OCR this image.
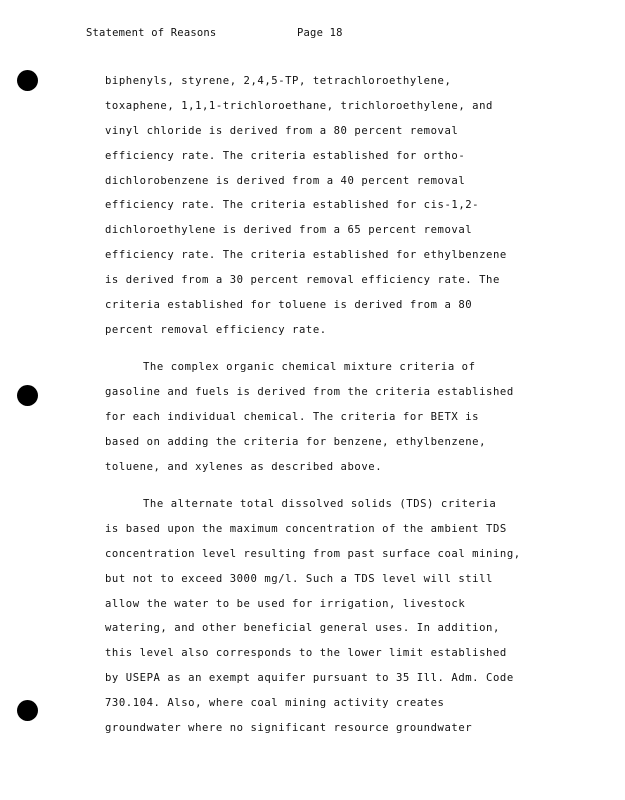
Statement of Reasons	Page 18
biphenyls, styrene, 2,4,5-TP, tetrachloroethylene,
toxaphene, 1,1,1-trichloroethane, trichloroethylene, and
vinyl chloride is derived from a 80 percent removal
efficiency rate. The criteria established for ortho-
dichlorobenzene is derived from a 40 percent removal
efficiency rate. The criteria established for cis-1,2-
dichloroethylene is derived from a 65 percent removal
efficiency rate. The criteria established for ethylbenzene
is derived from a 30 percent removal efficiency rate. The
criteria established for toluene is derived from a 80
percent removal efficiency rate.
The complex organic chemical mixture criteria of
gasoline and fuels is derived from the criteria established
for each individual chemical. The criteria for BETX is
based on adding the criteria for benzene, ethylbenzene,
toluene, and xylenes as described above.
The alternate total dissolved solids (TDS) criteria
is based upon the maximum concentration of the ambient TDS
concentration level resulting from past surface coal mining,
but not to exceed 3000 mg/l. Such a TDS level will still
allow the water to be used for irrigation, livestock
watering, and other beneficial general uses. In addition,
this level also corresponds to the lower limit established
by USEPA as an exempt aquifer pursuant to 35 Ill. Adm. Code
730.104. Also, where coal mining activity creates
groundwater where no significant resource groundwater
